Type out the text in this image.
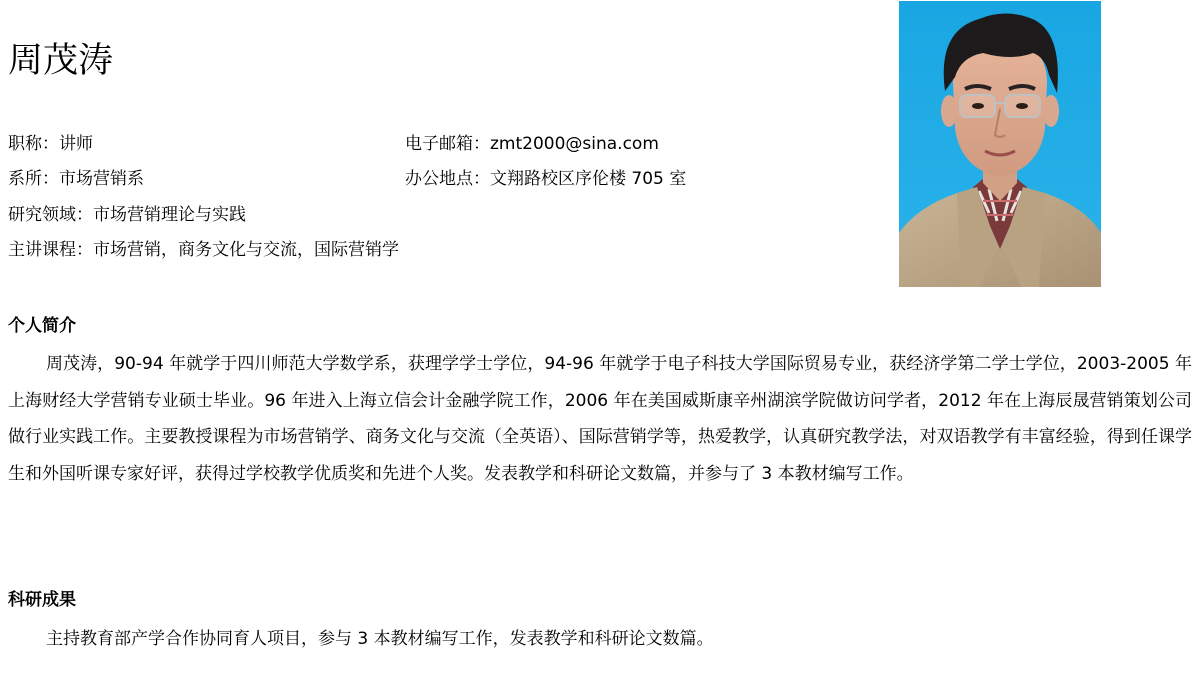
周茂涛
职称：讲师	电子邮箱：zmt2000@sina.com
系所：市场营销系	办公地点：文翔路校区序伦楼 705 室
研究领域：市场营销理论与实践
主讲课程：市场营销，商务文化与交流，国际营销学
个人简介

周茂涛，90-94 年就学于四川师范大学数学系，获理学学士学位，94-96 年就学于电子科技大学国际贸易专业，获经济学第二学士学位，2003-2005 年上海财经大学营销专业硕士毕业。96 年进入上海立信会计金融学院工作，2006 年在美国威斯康辛州湖滨学院做访问学者，2012 年在上海辰晟营销策划公司做行业实践工作。主要教授课程为市场营销学、商务文化与交流（全英语）、国际营销学等，热爱教学，认真研究教学法，对双语教学有丰富经验，得到任课学生和外国听课专家好评，获得过学校教学优质奖和先进个人奖。发表教学和科研论文数篇，并参与了 3 本教材编写工作。

科研成果

主持教育部产学合作协同育人项目，参与 3 本教材编写工作，发表教学和科研论文数篇。
